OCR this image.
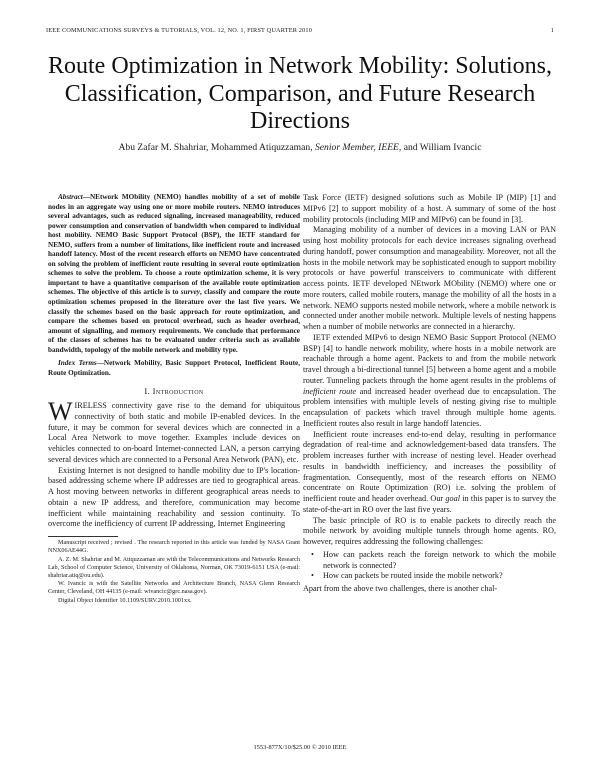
IEEE COMMUNICATIONS SURVEYS & TUTORIALS, VOL. 12, NO. 1, FIRST QUARTER 2010	1
Route Optimization in Network Mobility: Solutions, Classification, Comparison, and Future Research Directions
Abu Zafar M. Shahriar, Mohammed Atiquzzaman, Senior Member, IEEE, and William Ivancic

Abstract—NEtwork MObility (NEMO) handles mobility of a set of mobile nodes in an aggregate way using one or more mobile routers. NEMO introduces several advantages, such as reduced signaling, increased manageability, reduced power consumption and conservation of bandwidth when compared to individual host mobility. NEMO Basic Support Protocol (BSP), the IETF standard for NEMO, suffers from a number of limitations, like inefficient route and increased handoff latency. Most of the recent research efforts on NEMO have concentrated on solving the problem of inefficient route resulting in several route optimization schemes to solve the problem. To choose a route optimization scheme, it is very important to have a quantitative comparison of the available route optimization schemes. The objective of this article is to survey, classify and compare the route optimization schemes proposed in the literature over the last five years. We classify the schemes based on the basic approach for route optimization, and compare the schemes based on protocol overhead, such as header overhead, amount of signalling, and memory requirements. We conclude that performance of the classes of schemes has to be evaluated under criteria such as available bandwidth, topology of the mobile network and mobility type.

Index Terms—Network Mobility, Basic Support Protocol, Inefficient Route, Route Optimization.

I. Introduction

WIRELESS connectivity gave rise to the demand for ubiquitous connectivity of both static and mobile IP-enabled devices. In the future, it may be common for several devices which are connected in a Local Area Network to move together. Examples include devices on vehicles connected to on-board Internet-connected LAN, a person carrying several devices which are connected to a Personal Area Network (PAN), etc.

Existing Internet is not designed to handle mobility due to IP's location-based addressing scheme where IP addresses are tied to geographical areas. A host moving between networks in different geographical areas needs to obtain a new IP address, and therefore, communication may become inefficient while maintaining reachability and session continuity. To overcome the inefficiency of current IP addressing, Internet Engineering

Manuscript received ; revised . The research reported in this article was funded by NASA Grant NNX06AE44G.

A. Z. M. Shahriar and M. Atiquzzaman are with the Telecommunications and Networks Research Lab, School of Computer Science, University of Oklahoma, Norman, OK 73019-6151 USA (e-mail: shahriar.atiq@ou.edu).

W. Ivancic is with the Satellite Networks and Architecture Branch, NASA Glenn Research Center, Cleveland, OH 44135 (e-mail: wivancic@grc.nasa.gov).

Digital Object Identifier 10.1109/SURV.2010.1001xx.

Task Force (IETF) designed solutions such as Mobile IP (MIP) [1] and MIPv6 [2] to support mobility of a host. A summary of some of the host mobility protocols (including MIP and MIPv6) can be found in [3].

Managing mobility of a number of devices in a moving LAN or PAN using host mobility protocols for each device increases signaling overhead during handoff, power consumption and manageability. Moreover, not all the hosts in the mobile network may be sophisticated enough to support mobility protocols or have powerful transceivers to communicate with different access points. IETF developed NEtwork MObility (NEMO) where one or more routers, called mobile routers, manage the mobility of all the hosts in a network. NEMO supports nested mobile network, where a mobile network is connected under another mobile network. Multiple levels of nesting happens when a number of mobile networks are connected in a hierarchy.

IETF extended MIPv6 to design NEMO Basic Support Protocol (NEMO BSP) [4] to handle network mobility, where hosts in a mobile network are reachable through a home agent. Packets to and from the mobile network travel through a bi-directional tunnel [5] between a home agent and a mobile router. Tunneling packets through the home agent results in the problems of inefficient route and increased header overhead due to encapsulation. The problem intensifies with multiple levels of nesting giving rise to multiple encapsulation of packets which travel through multiple home agents. Inefficient routes also result in large handoff latencies.

Inefficient route increases end-to-end delay, resulting in performance degradation of real-time and acknowledgement-based data transfers. The problem increases further with increase of nesting level. Header overhead results in bandwidth inefficiency, and increases the possibility of fragmentation. Consequently, most of the research efforts on NEMO concentrate on Route Optimization (RO) i.e. solving the problem of inefficient route and header overhead. Our goal in this paper is to survey the state-of-the-art in RO over the last five years.

The basic principle of RO is to enable packets to directly reach the mobile network by avoiding multiple tunnels through home agents. RO, however, requires addressing the following challenges:

• How can packets reach the foreign network to which the mobile network is connected?
• How can packets be routed inside the mobile network?

Apart from the above two challenges, there is another chal-

1553-877X/10/$25.00 © 2010 IEEE
